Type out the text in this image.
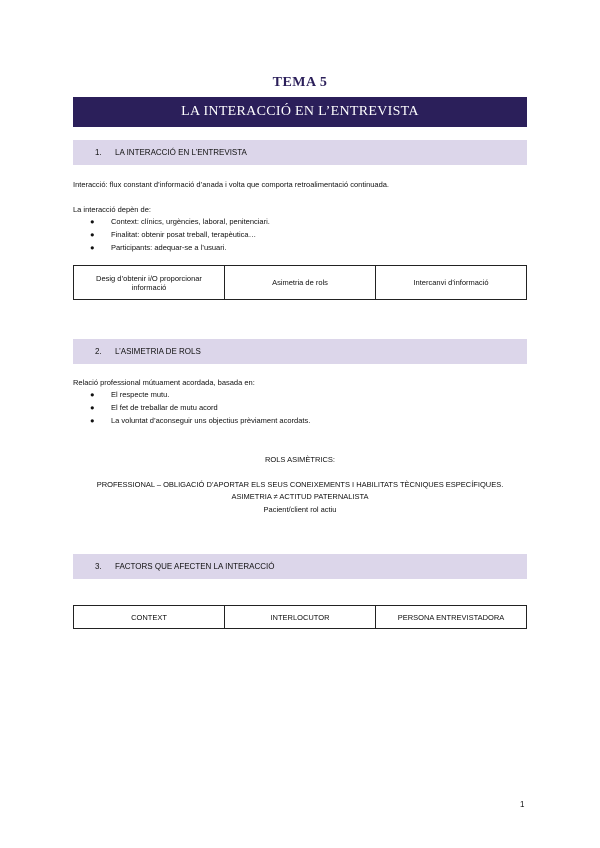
TEMA 5
LA INTERACCIÓ EN L’ENTREVISTA
1. LA INTERACCIÓ EN L’ENTREVISTA
Interacció: flux constant d’informació d’anada i volta que comporta retroalimentació continuada.
La interacció depèn de:
● Context: clínics, urgències, laboral, penitenciari.
● Finalitat: obtenir posat treball, terapèutica…
● Participants: adequar-se a l’usuari.
Desig d’obtenir i/O proporcionar
informació	Asimetria de rols	Intercanvi d’informació
2. L’ASIMETRIA DE ROLS
Relació professional mútuament acordada, basada en:
● El respecte mutu.
● El fet de treballar de mutu acord
● La voluntat d’aconseguir uns objectius prèviament acordats.
ROLS ASIMÈTRICS:
PROFESSIONAL – OBLIGACIÓ D’APORTAR ELS SEUS CONEIXEMENTS I HABILITATS TÈCNIQUES ESPECÍFIQUES.
ASIMETRIA ≠ ACTITUD PATERNALISTA
Pacient/client rol actiu
3. FACTORS QUE AFECTEN LA INTERACCIÓ
CONTEXT	INTERLOCUTOR	PERSONA ENTREVISTADORA
1
